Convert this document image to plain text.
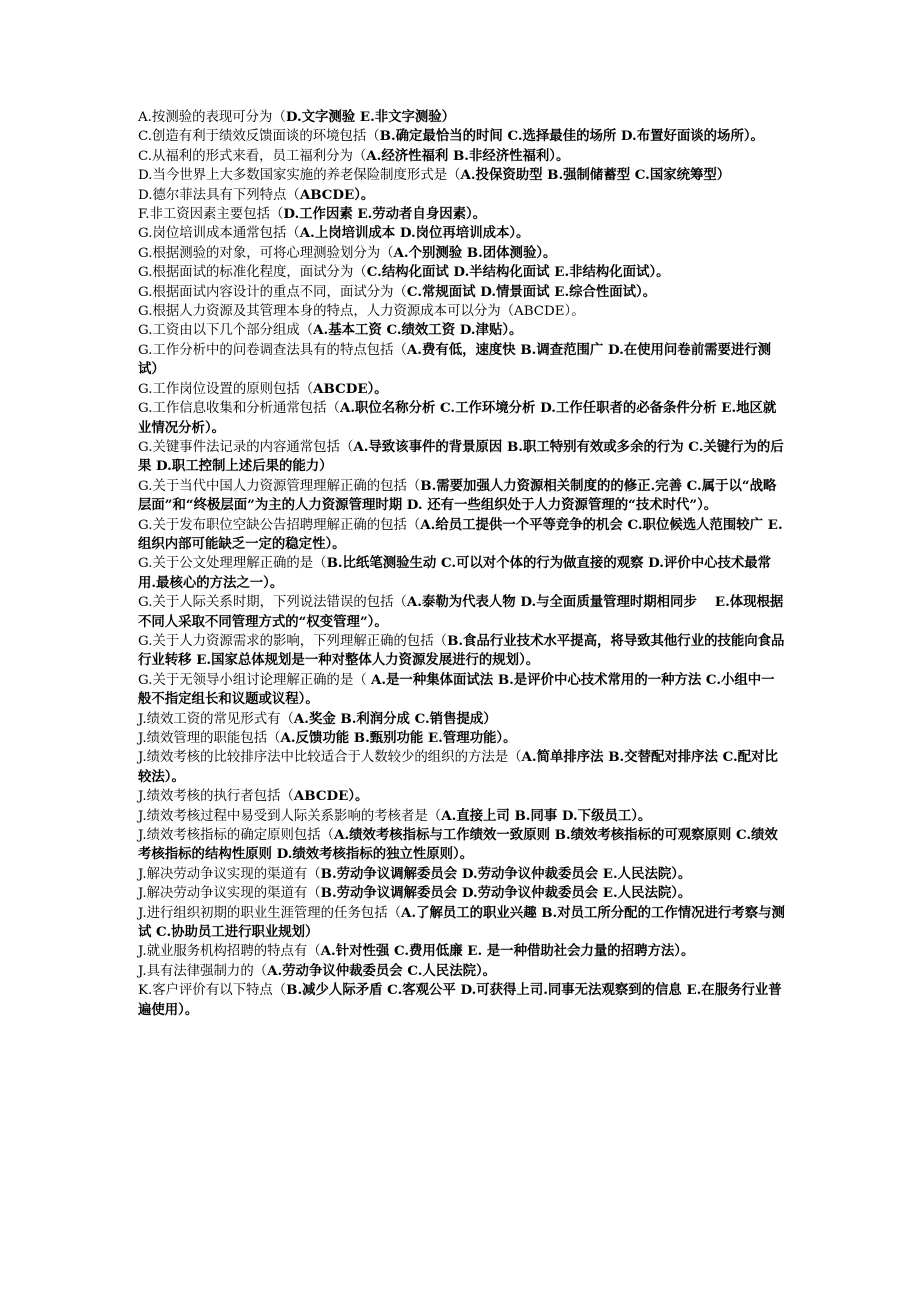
A.按测验的表现可分为（D.文字测验 E.非文字测验）

C.创造有利于绩效反馈面谈的环境包括（B.确定最恰当的时间 C.选择最佳的场所 D.布置好面谈的场所）。

C.从福利的形式来看，员工福利分为（A.经济性福利 B.非经济性福利）。

D.当今世界上大多数国家实施的养老保险制度形式是（A.投保资助型 B.强制储蓄型 C.国家统筹型）

D.德尔菲法具有下列特点（ABCDE）。

F.非工资因素主要包括（D.工作因素 E.劳动者自身因素）。

G.岗位培训成本通常包括（A.上岗培训成本 D.岗位再培训成本）。

G.根据测验的对象，可将心理测验划分为（A.个别测验 B.团体测验）。

G.根据面试的标准化程度，面试分为（C.结构化面试 D.半结构化面试 E.非结构化面试）。

G.根据面试内容设计的重点不同，面试分为（C.常规面试 D.情景面试 E.综合性面试）。

G.根据人力资源及其管理本身的特点，人力资源成本可以分为（ABCDE）。

G.工资由以下几个部分组成（A.基本工资 C.绩效工资 D.津贴）。

G.工作分析中的问卷调查法具有的特点包括（A.费有低，速度快 B.调查范围广 D.在使用问卷前需要进行测试）

G.工作岗位设置的原则包括（ABCDE）。

G.工作信息收集和分析通常包括（A.职位名称分析 C.工作环境分析 D.工作任职者的必备条件分析 E.地区就业情况分析）。

G.关键事件法记录的内容通常包括（A.导致该事件的背景原因 B.职工特别有效或多余的行为 C.关键行为的后果 D.职工控制上述后果的能力）

G.关于当代中国人力资源管理理解正确的包括（B.需要加强人力资源相关制度的的修正.完善 C.属于以“战略层面”和“终极层面”为主的人力资源管理时期 D. 还有一些组织处于人力资源管理的“技术时代”）。

G.关于发布职位空缺公告招聘理解正确的包括（A.给员工提供一个平等竞争的机会 C.职位候选人范围较广 E.组织内部可能缺乏一定的稳定性）。

G.关于公文处理理解正确的是（B.比纸笔测验生动 C.可以对个体的行为做直接的观察 D.评价中心技术最常用.最核心的方法之一）。

G.关于人际关系时期，下列说法错误的包括（A.泰勒为代表人物 D.与全面质量管理时期相同步　 E.体现根据不同人采取不同管理方式的“权变管理”）。

G.关于人力资源需求的影响，下列理解正确的包括（B.食品行业技术水平提高，将导致其他行业的技能向食品行业转移 E.国家总体规划是一种对整体人力资源发展进行的规划）。

G.关于无领导小组讨论理解正确的是（ A.是一种集体面试法 B.是评价中心技术常用的一种方法 C.小组中一般不指定组长和议题或议程）。

J.绩效工资的常见形式有（A.奖金 B.利润分成 C.销售提成）

J.绩效管理的职能包括（A.反馈功能 B.甄别功能 E.管理功能）。

J.绩效考核的比较排序法中比较适合于人数较少的组织的方法是（A.简单排序法 B.交替配对排序法 C.配对比较法）。

J.绩效考核的执行者包括（ABCDE）。

J.绩效考核过程中易受到人际关系影响的考核者是（A.直接上司 B.同事 D.下级员工）。

J.绩效考核指标的确定原则包括（A.绩效考核指标与工作绩效一致原则 B.绩效考核指标的可观察原则 C.绩效考核指标的结构性原则 D.绩效考核指标的独立性原则）。

J.解决劳动争议实现的渠道有（B.劳动争议调解委员会 D.劳动争议仲裁委员会 E.人民法院）。

J.解决劳动争议实现的渠道有（B.劳动争议调解委员会 D.劳动争议仲裁委员会 E.人民法院）。

J.进行组织初期的职业生涯管理的任务包括（A.了解员工的职业兴趣 B.对员工所分配的工作情况进行考察与测试 C.协助员工进行职业规划）

J.就业服务机构招聘的特点有（A.针对性强 C.费用低廉 E. 是一种借助社会力量的招聘方法）。

J.具有法律强制力的（A.劳动争议仲裁委员会 C.人民法院）。

K.客户评价有以下特点（B.减少人际矛盾 C.客观公平 D.可获得上司.同事无法观察到的信息 E.在服务行业普遍使用）。
